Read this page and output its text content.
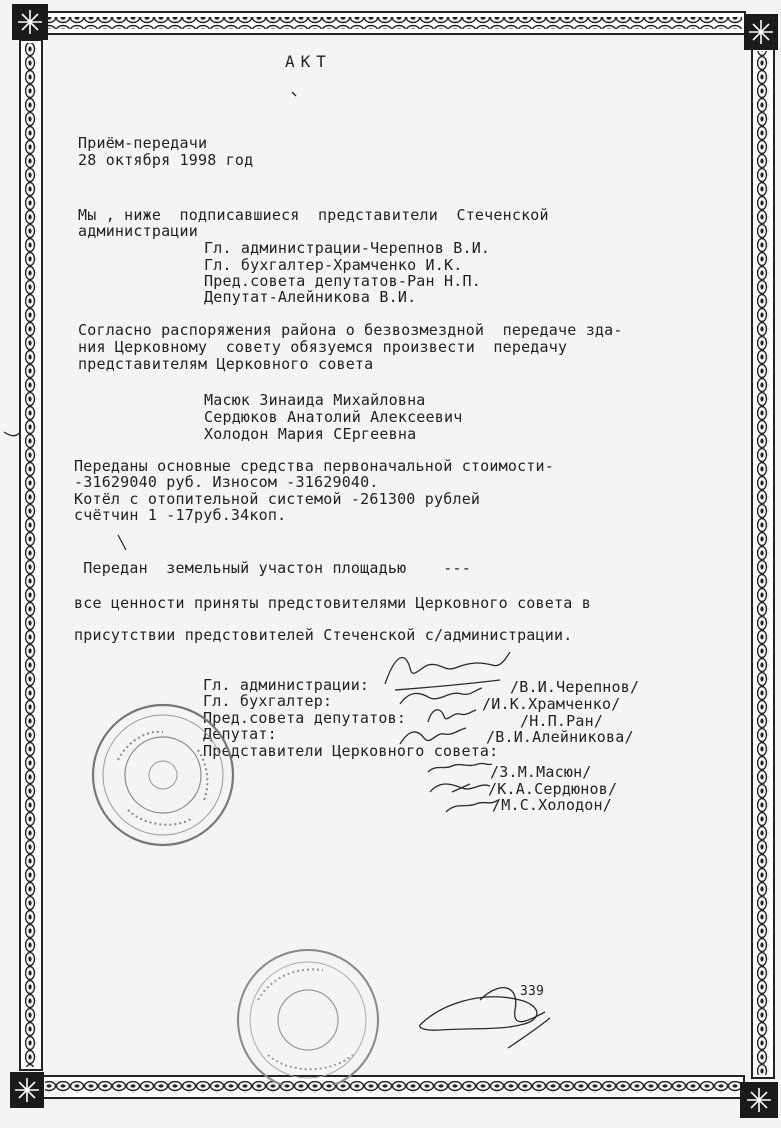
АКТ
Приём-передачи
28 октября 1998 год
Мы , ниже  подписавшиеся  представители  Стеченской
администрации
Гл. администрации-Черепнов В.И.
Гл. бухгалтер-Храмченко И.К.
Пред.совета депутатов-Ран Н.П.
Депутат-Алейникова В.И.
Согласно распоряжения района о безвозмездной  передаче зда-
ния Церковному  совету обязуемся произвести  передачу
представителям Церковного совета
Масюк Зинаида Михайловна
Сердюков Анатолий Алексеевич
Холодон Мария СЕргеевна
Переданы основные средства первоначальной стоимости-
-31629040 руб. Износом -31629040.
Котёл с отопительной системой -261300 рублей
счётчин 1 -17руб.34коп.
Передан  земельный участон площадью    ---
все ценности приняты предстовителями Церковного совета в
присутствии предстовителей Стеченской с/администрации.
Гл. администрации:	/В.И.Черепнов/
Гл. бухгалтер:	/И.К.Храмченко/
Пред.совета депутатов:	/Н.П.Ран/
Депутат:	/В.И.Алейникова/
Представители Церковного совета:
/З.М.Масюн/
/К.А.Сердюнов/
/М.С.Холодон/
339
